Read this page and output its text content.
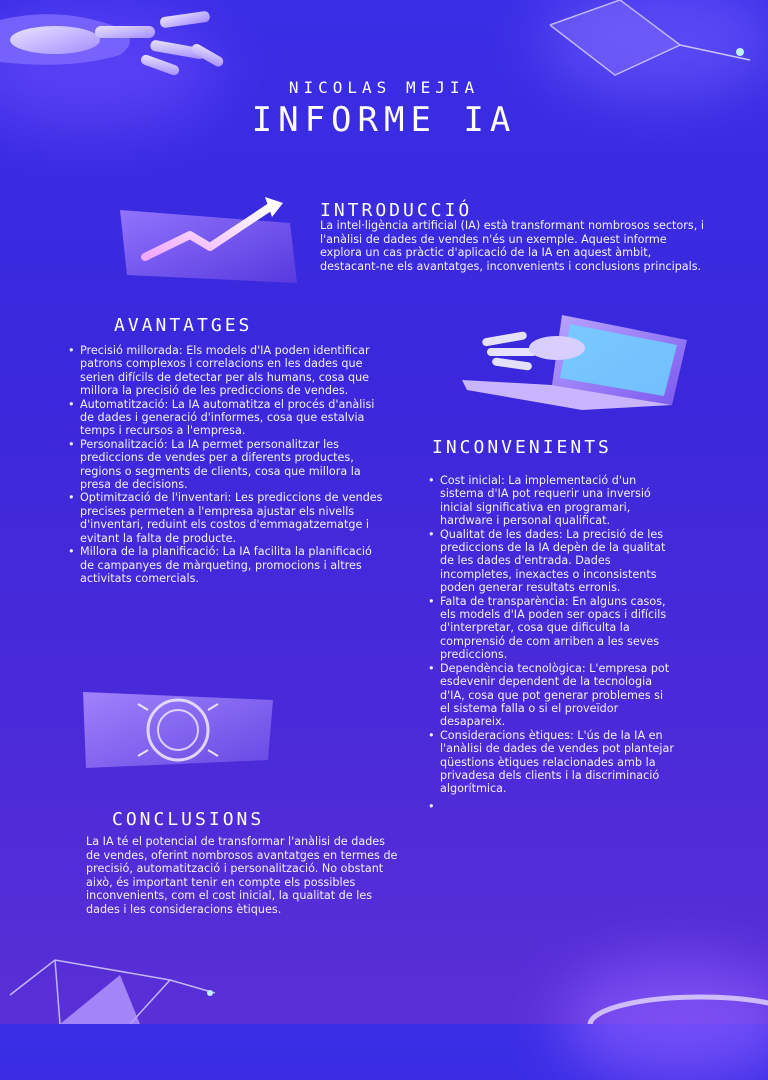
NICOLAS MEJIA
INFORME IA
INTRODUCCIÓ
La intel·ligència artificial (IA) està transformant nombrosos sectors, i l'anàlisi de dades de vendes n'és un exemple. Aquest informe explora un cas pràctic d'aplicació de la IA en aquest àmbit, destacant-ne els avantatges, inconvenients i conclusions principals.
AVANTATGES
• Precisió millorada: Els models d'IA poden identificar patrons complexos i correlacions en les dades que serien difícils de detectar per als humans, cosa que millora la precisió de les prediccions de vendes.
• Automatització: La IA automatitza el procés d'anàlisi de dades i generació d'informes, cosa que estalvia temps i recursos a l'empresa.
• Personalització: La IA permet personalitzar les prediccions de vendes per a diferents productes, regions o segments de clients, cosa que millora la presa de decisions.
• Optimització de l'inventari: Les prediccions de vendes precises permeten a l'empresa ajustar els nivells d'inventari, reduint els costos d'emmagatzematge i evitant la falta de producte.
• Millora de la planificació: La IA facilita la planificació de campanyes de màrqueting, promocions i altres activitats comercials.
INCONVENIENTS
• Cost inicial: La implementació d'un sistema d'IA pot requerir una inversió inicial significativa en programari, hardware i personal qualificat.
• Qualitat de les dades: La precisió de les prediccions de la IA depèn de la qualitat de les dades d'entrada. Dades incompletes, inexactes o inconsistents poden generar resultats erronis.
• Falta de transparència: En alguns casos, els models d'IA poden ser opacs i difícils d'interpretar, cosa que dificulta la comprensió de com arriben a les seves prediccions.
• Dependència tecnològica: L'empresa pot esdevenir dependent de la tecnologia d'IA, cosa que pot generar problemes si el sistema falla o si el proveïdor desapareix.
• Consideracions ètiques: L'ús de la IA en l'anàlisi de dades de vendes pot plantejar qüestions ètiques relacionades amb la privadesa dels clients i la discriminació algorítmica.
CONCLUSIONS
La IA té el potencial de transformar l'anàlisi de dades de vendes, oferint nombrosos avantatges en termes de precisió, automatització i personalització. No obstant això, és important tenir en compte els possibles inconvenients, com el cost inicial, la qualitat de les dades i les consideracions ètiques.
